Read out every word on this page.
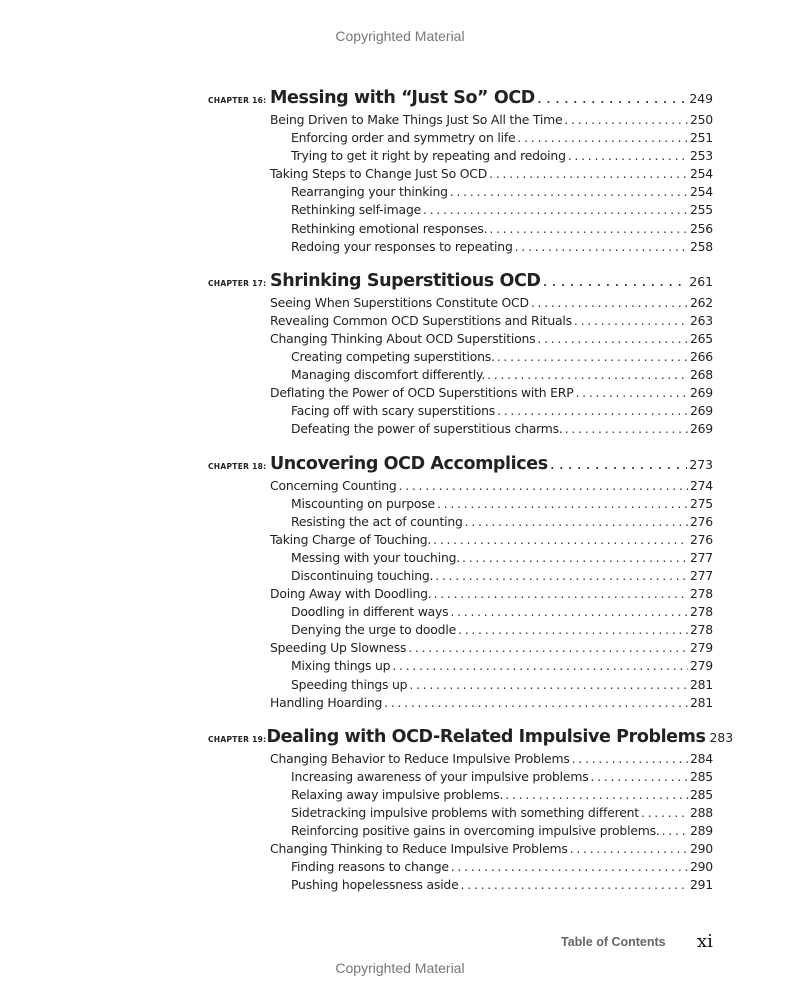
Copyrighted Material
CHAPTER 16: Messing with “Just So” OCD . . .	249
Being Driven to Make Things Just So All the Time . . .	250
Enforcing order and symmetry on life . . .	251
Trying to get it right by repeating and redoing . . .	253
Taking Steps to Change Just So OCD . . .	254
Rearranging your thinking . . .	254
Rethinking self-image . . .	255
Rethinking emotional responses. . . .	256
Redoing your responses to repeating . . .	258
CHAPTER 17: Shrinking Superstitious OCD . . .	261
Seeing When Superstitions Constitute OCD . . .	262
Revealing Common OCD Superstitions and Rituals . . .	263
Changing Thinking About OCD Superstitions . . .	265
Creating competing superstitions. . . .	266
Managing discomfort differently. . . .	268
Deflating the Power of OCD Superstitions with ERP . . .	269
Facing off with scary superstitions . . .	269
Defeating the power of superstitious charms. . . .	269
CHAPTER 18: Uncovering OCD Accomplices . . .	273
Concerning Counting . . .	274
Miscounting on purpose . . .	275
Resisting the act of counting . . .	276
Taking Charge of Touching. . . .	276
Messing with your touching. . . .	277
Discontinuing touching. . . .	277
Doing Away with Doodling. . . .	278
Doodling in different ways . . .	278
Denying the urge to doodle . . .	278
Speeding Up Slowness . . .	279
Mixing things up . . .	279
Speeding things up . . .	281
Handling Hoarding . . .	281
CHAPTER 19: Dealing with OCD-Related Impulsive Problems 283
Changing Behavior to Reduce Impulsive Problems . . .	284
Increasing awareness of your impulsive problems . . .	285
Relaxing away impulsive problems. . . .	285
Sidetracking impulsive problems with something different . . .	288
Reinforcing positive gains in overcoming impulsive problems. . . . 289
Changing Thinking to Reduce Impulsive Problems . . .	290
Finding reasons to change . . .	290
Pushing hopelessness aside . . .	291
Table of Contents xi
Copyrighted Material
